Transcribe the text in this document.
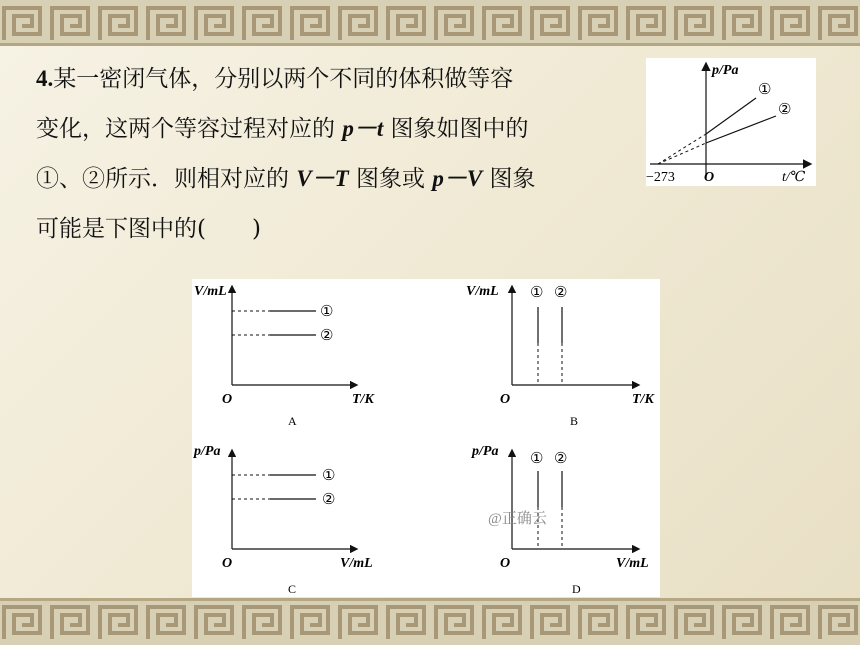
4.某一密闭气体，分别以两个不同的体积做等容
变化，这两个等容过程对应的 p－t 图象如图中的
①、②所示．则相对应的 V－T 图象或 p－V 图象
可能是下图中的(　　)
p/Pa
①
②
−273 O	t/℃
V/mL
①
②
O	T/K
A
V/mL ① ②
O	T/K
B
p/Pa
①
②
O	V/mL
C
p/Pa ① ②
O	V/mL
D
@正确云
